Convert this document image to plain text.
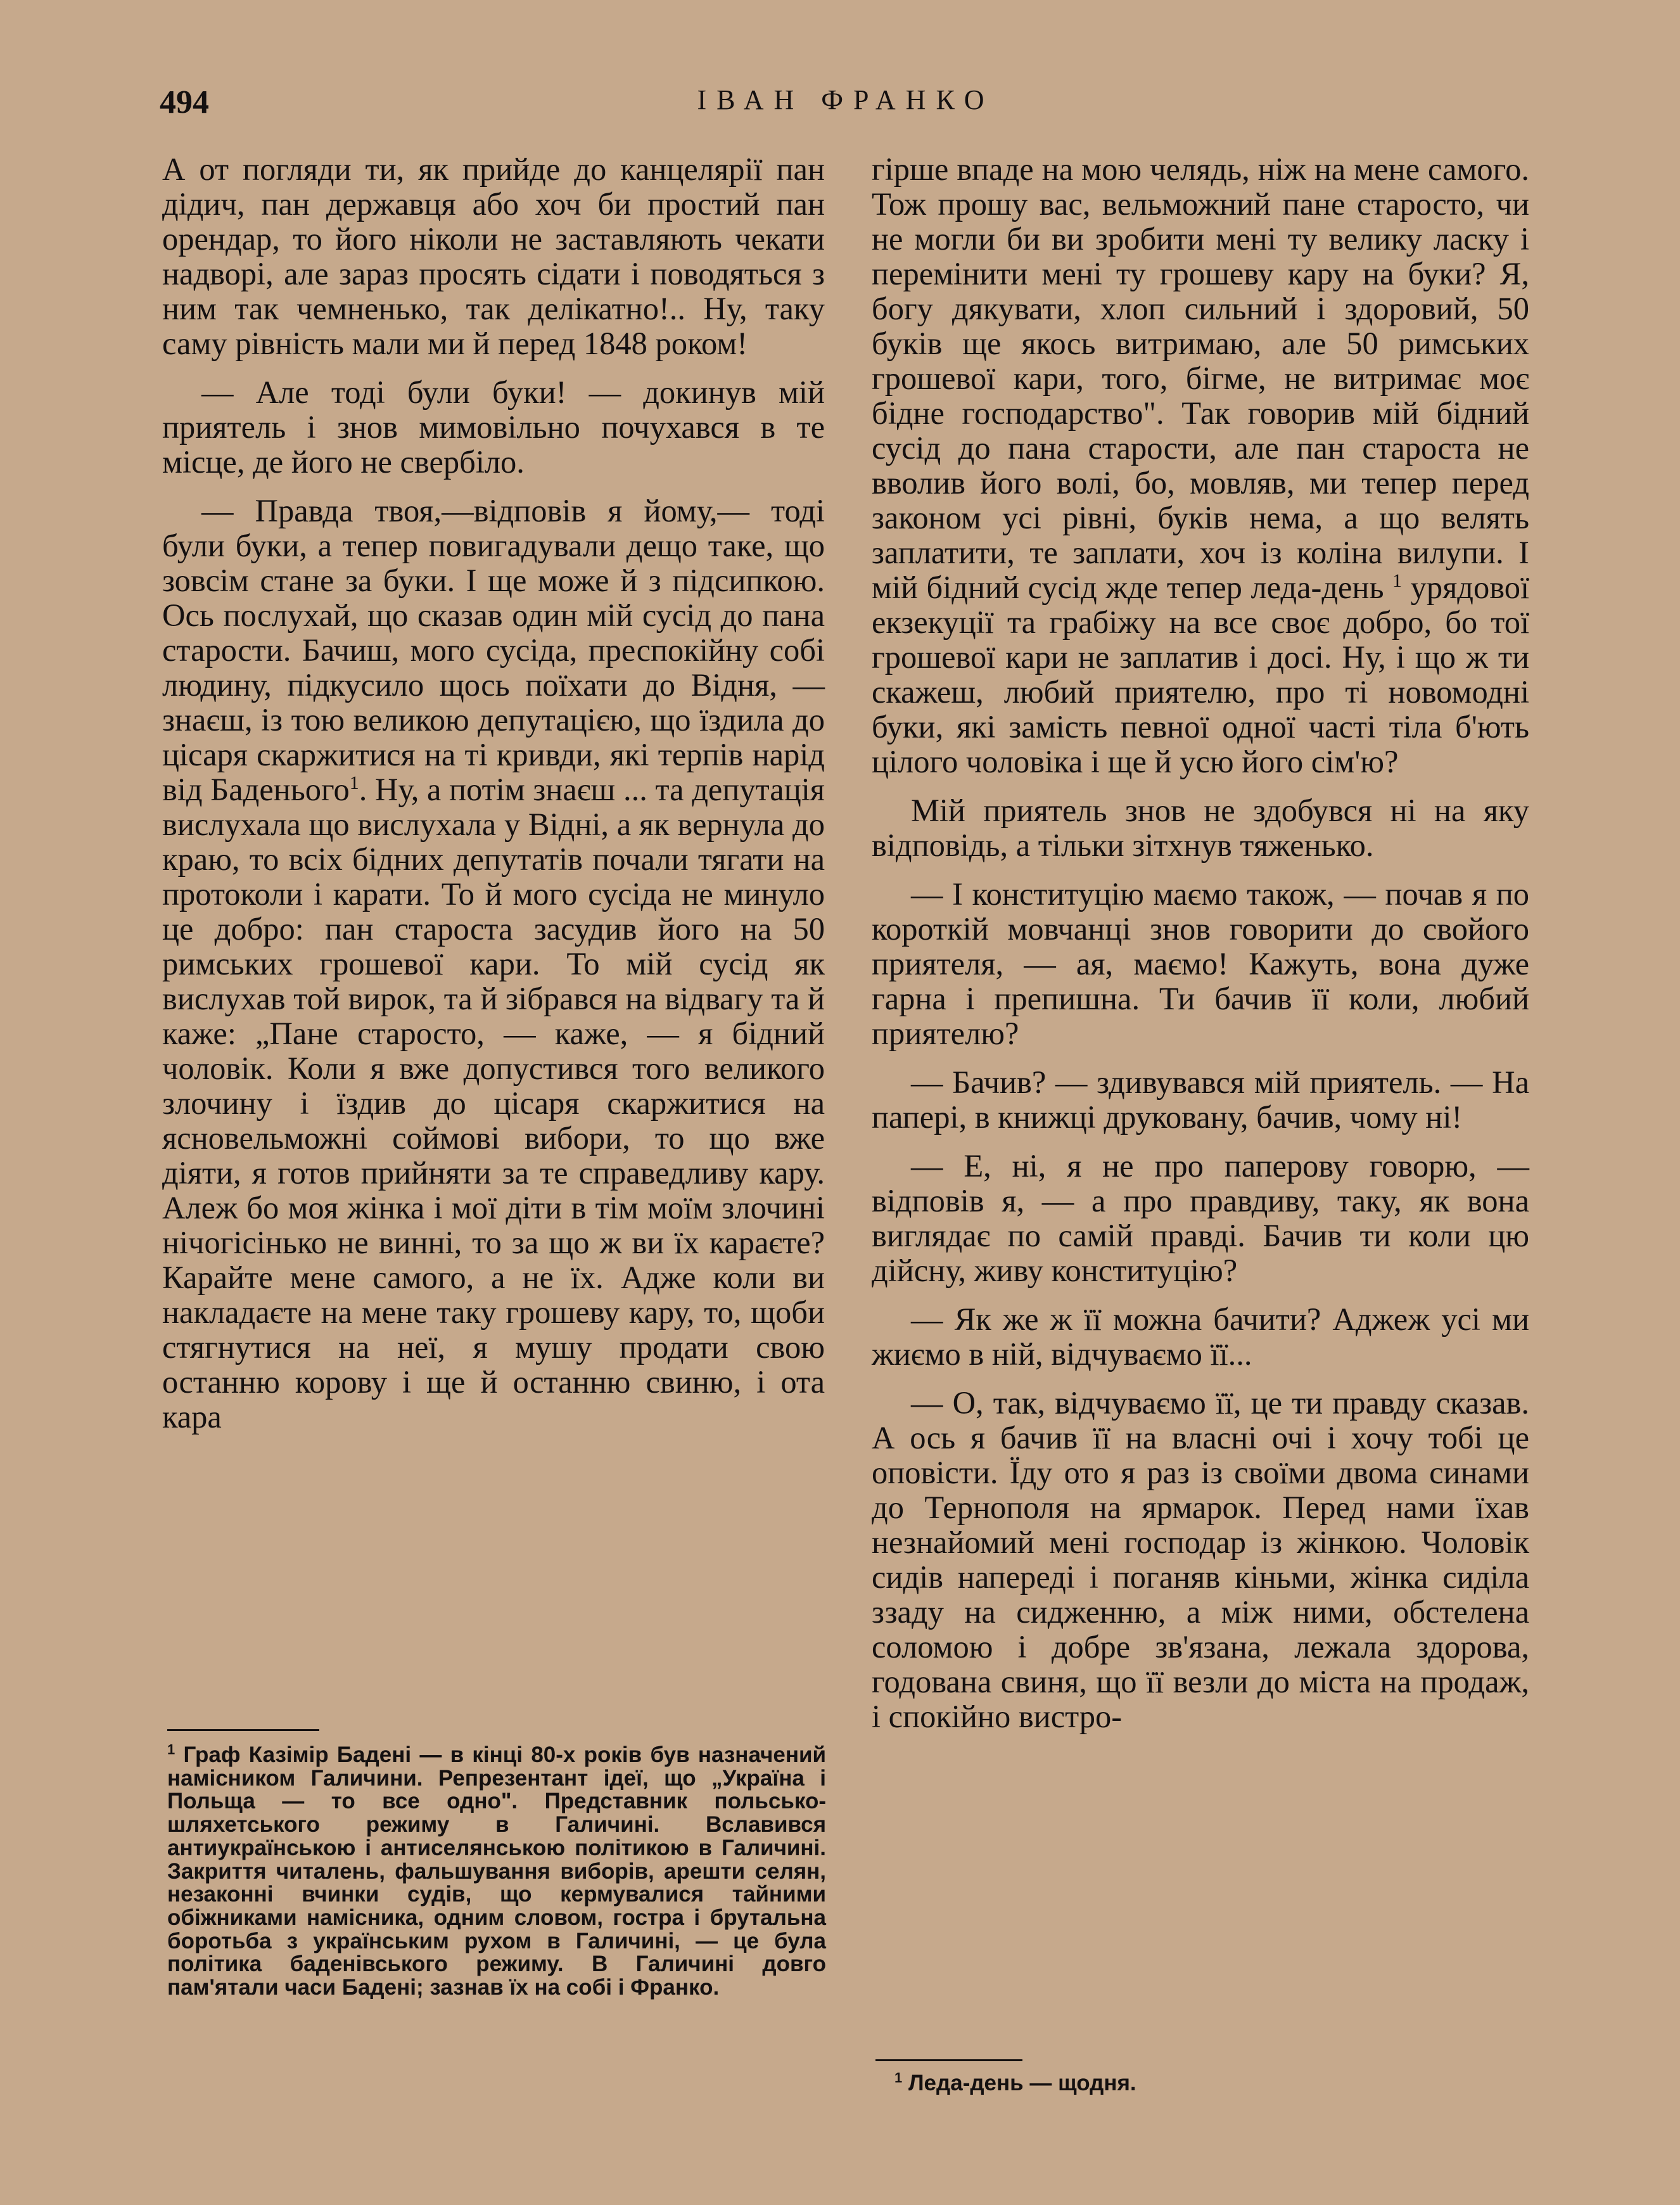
494	ІВАН ФРАНКО

А от погляди ти, як прийде до канцелярії пан дідич, пан державця або хоч би простий пан орендар, то його ніколи не заставляють чекати надворі, але зараз просять сідати і поводяться з ним так чемненько, так делікатно!.. Ну, таку саму рівність мали ми й перед 1848 роком!

— Але тоді були буки! — докинув мій приятель і знов мимовільно почухався в те місце, де його не свербіло.

— Правда твоя,—відповів я йому,— тоді були буки, а тепер повигадували дещо таке, що зовсім стане за буки. І ще може й з підсипкою. Ось послухай, що сказав один мій сусід до пана старости. Бачиш, мого сусіда, преспокійну собі людину, підкусило щось поїхати до Відня, — знаєш, із тою великою депутацією, що їздила до цісаря скаржитися на ті кривди, які терпів нарід від Баденього$^1$. Ну, а потім знаєш ... та депутація вислухала що вислухала у Відні, а як вернула до краю, то всіх бідних депутатів почали тягати на протоколи і карати. То й мого сусіда не минуло це добро: пан староста засудив його на 50 римських грошевої кари. То мій сусід як вислухав той вирок, та й зібрався на відвагу та й каже: „Пане старосто, — каже, — я бідний чоловік. Коли я вже допустився того великого злочину і їздив до цісаря скаржитися на ясновельможні соймові вибори, то що вже діяти, я готов прийняти за те справедливу кару. Алеж бо моя жінка і мої діти в тім моїм злочині нічогісінько не винні, то за що ж ви їх караєте? Карайте мене самого, а не їх. Адже коли ви накладаєте на мене таку грошеву кару, то, щоби стягнутися на неї, я мушу продати свою останню корову і ще й останню свиню, і ота кара

гірше впаде на мою челядь, ніж на мене самого. Тож прошу вас, вельможний пане старосто, чи не могли би ви зробити мені ту велику ласку і перемінити мені ту грошеву кару на буки? Я, богу дякувати, хлоп сильний і здоровий, 50 буків ще якось витримаю, але 50 римських грошевої кари, того, бігме, не витримає моє бідне господарство". Так говорив мій бідний сусід до пана старости, але пан староста не вволив його волі, бо, мовляв, ми тепер перед законом усі рівні, буків нема, а що велять заплатити, те заплати, хоч із коліна вилупи. І мій бідний сусід жде тепер леда-день $^1$ урядової екзекуції та грабіжу на все своє добро, бо тої грошевої кари не заплатив і досі. Ну, і що ж ти скажеш, любий приятелю, про ті новомодні буки, які замість певної одної часті тіла б'ють цілого чоловіка і ще й усю його сім'ю?

Мій приятель знов не здобувся ні на яку відповідь, а тільки зітхнув тяженько.

— І конституцію маємо також, — почав я по короткій мовчанці знов говорити до свойого приятеля, — ая, маємо! Кажуть, вона дуже гарна і препишна. Ти бачив її коли, любий приятелю?

— Бачив? — здивувався мій приятель. — На папері, в книжці друковану, бачив, чому ні!

— Е, ні, я не про паперову говорю, — відповів я, — а про правдиву, таку, як вона виглядає по самій правді. Бачив ти коли цю дійсну, живу конституцію?

— Як же ж її можна бачити? Аджеж усі ми жиємо в ній, відчуваємо її...

— О, так, відчуваємо її, це ти правду сказав. А ось я бачив її на власні очі і хочу тобі це оповісти. Їду ото я раз із своїми двома синами до Тернополя на ярмарок. Перед нами їхав незнайомий мені господар із жінкою. Чоловік сидів напереді і поганяв кіньми, жінка сиділа ззаду на сидженню, а між ними, обстелена соломою і добре зв'язана, лежала здорова, годована свиня, що її везли до міста на продаж, і спокійно вистро-

$^1$ Граф Казімір Бадені — в кінці 80-х років був назначений намісником Галичини. Репрезентант ідеї, що „Україна і Польща — то все одно". Представник польсько-шляхетського режиму в Галичині. Вславився антиукраїнською і антиселянською політикою в Галичині. Закриття читалень, фальшування виборів, арешти селян, незаконні вчинки судів, що кермувалися тайними обіжниками намісника, одним словом, гостра і брутальна боротьба з українським рухом в Галичині, — це була політика баденівського режиму. В Галичині довго пам'ятали часи Бадені; зазнав їх на собі і Франко.
$^1$ Леда-день — щодня.
